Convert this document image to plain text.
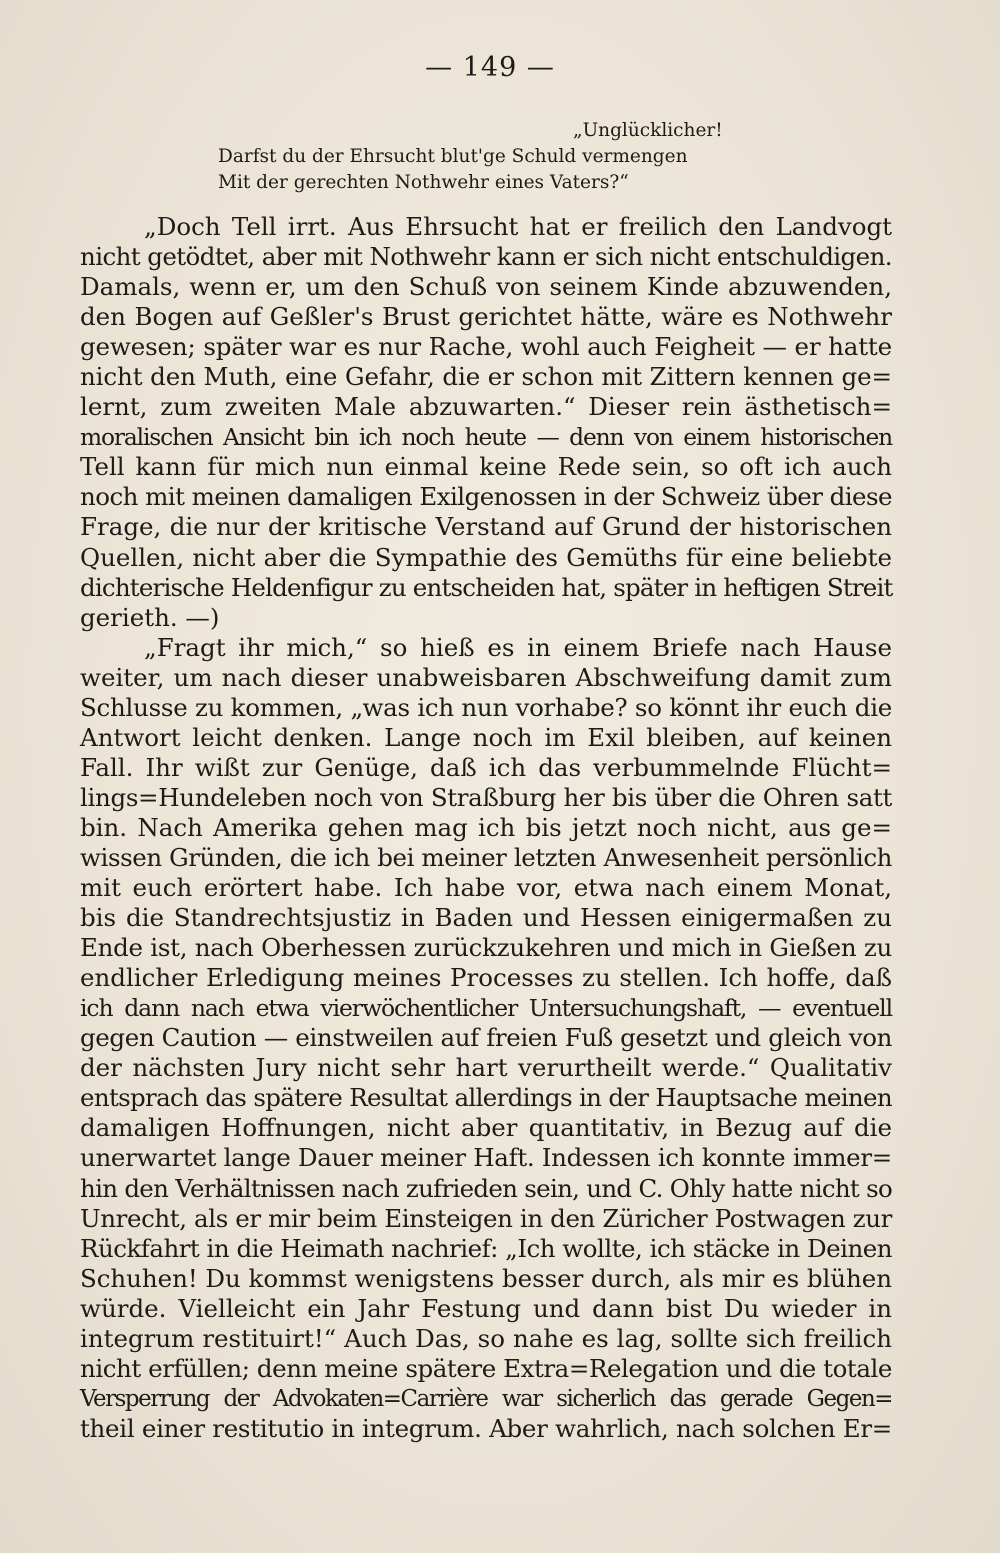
— 149 —
„Unglücklicher!
Darfst du der Ehrsucht blut'ge Schuld vermengen
Mit der gerechten Nothwehr eines Vaters?“
„Doch Tell irrt. Aus Ehrsucht hat er freilich den Landvogt
nicht getödtet, aber mit Nothwehr kann er sich nicht entschuldigen.
Damals, wenn er, um den Schuß von seinem Kinde abzuwenden,
den Bogen auf Geßler's Brust gerichtet hätte, wäre es Nothwehr
gewesen; später war es nur Rache, wohl auch Feigheit — er hatte
nicht den Muth, eine Gefahr, die er schon mit Zittern kennen ge=
lernt, zum zweiten Male abzuwarten.“ Dieser rein ästhetisch=
moralischen Ansicht bin ich noch heute — denn von einem historischen
Tell kann für mich nun einmal keine Rede sein, so oft ich auch
noch mit meinen damaligen Exilgenossen in der Schweiz über diese
Frage, die nur der kritische Verstand auf Grund der historischen
Quellen, nicht aber die Sympathie des Gemüths für eine beliebte
dichterische Heldenfigur zu entscheiden hat, später in heftigen Streit
gerieth. —)
„Fragt ihr mich,“ so hieß es in einem Briefe nach Hause
weiter, um nach dieser unabweisbaren Abschweifung damit zum
Schlusse zu kommen, „was ich nun vorhabe? so könnt ihr euch die
Antwort leicht denken. Lange noch im Exil bleiben, auf keinen
Fall. Ihr wißt zur Genüge, daß ich das verbummelnde Flücht=
lings=Hundeleben noch von Straßburg her bis über die Ohren satt
bin. Nach Amerika gehen mag ich bis jetzt noch nicht, aus ge=
wissen Gründen, die ich bei meiner letzten Anwesenheit persönlich
mit euch erörtert habe. Ich habe vor, etwa nach einem Monat,
bis die Standrechtsjustiz in Baden und Hessen einigermaßen zu
Ende ist, nach Oberhessen zurückzukehren und mich in Gießen zu
endlicher Erledigung meines Processes zu stellen. Ich hoffe, daß
ich dann nach etwa vierwöchentlicher Untersuchungshaft, — eventuell
gegen Caution — einstweilen auf freien Fuß gesetzt und gleich von
der nächsten Jury nicht sehr hart verurtheilt werde.“ Qualitativ
entsprach das spätere Resultat allerdings in der Hauptsache meinen
damaligen Hoffnungen, nicht aber quantitativ, in Bezug auf die
unerwartet lange Dauer meiner Haft. Indessen ich konnte immer=
hin den Verhältnissen nach zufrieden sein, und C. Ohly hatte nicht so
Unrecht, als er mir beim Einsteigen in den Züricher Postwagen zur
Rückfahrt in die Heimath nachrief: „Ich wollte, ich stäcke in Deinen
Schuhen! Du kommst wenigstens besser durch, als mir es blühen
würde. Vielleicht ein Jahr Festung und dann bist Du wieder in
integrum restituirt!“ Auch Das, so nahe es lag, sollte sich freilich
nicht erfüllen; denn meine spätere Extra=Relegation und die totale
Versperrung der Advokaten=Carrière war sicherlich das gerade Gegen=
theil einer restitutio in integrum. Aber wahrlich, nach solchen Er=
